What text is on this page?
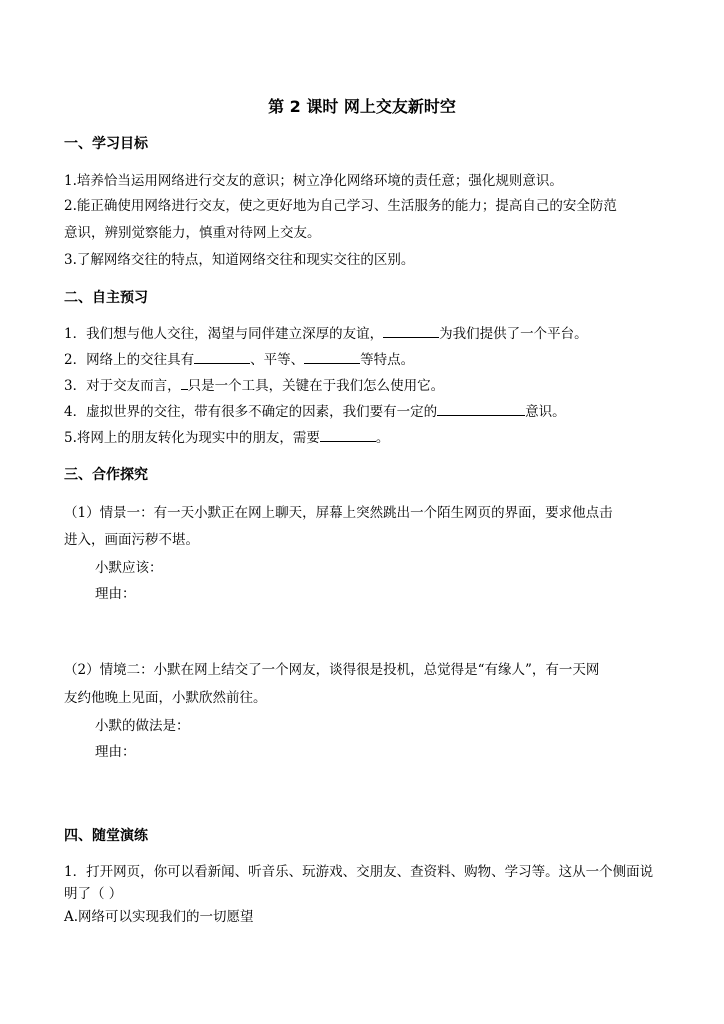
第 2 课时 网上交友新时空
一、学习目标
1.培养恰当运用网络进行交友的意识；树立净化网络环境的责任意；强化规则意识。
2.能正确使用网络进行交友，使之更好地为自己学习、生活服务的能力；提高自己的安全防范
意识，辨别觉察能力，慎重对待网上交友。
3.了解网络交往的特点，知道网络交往和现实交往的区别。
二、自主预习
1．我们想与他人交往，渴望与同伴建立深厚的友谊，	为我们提供了一个平台。
2．网络上的交往具有	、平等、	等特点。
3．对于交友而言， 只是一个工具，关键在于我们怎么使用它。
4．虚拟世界的交往，带有很多不确定的因素，我们要有一定的	意识。
5.将网上的朋友转化为现实中的朋友，需要	。
三、合作探究
（1）情景一：有一天小默正在网上聊天，屏幕上突然跳出一个陌生网页的界面，要求他点击
进入，画面污秽不堪。
小默应该：
理由：
（2）情境二：小默在网上结交了一个网友，谈得很是投机，总觉得是“有缘人”，有一天网
友约他晚上见面，小默欣然前往。
小默的做法是：
理由：
四、随堂演练
1．打开网页，你可以看新闻、听音乐、玩游戏、交朋友、查资料、购物、学习等。这从一个侧面说
明了（ ）
A.网络可以实现我们的一切愿望
